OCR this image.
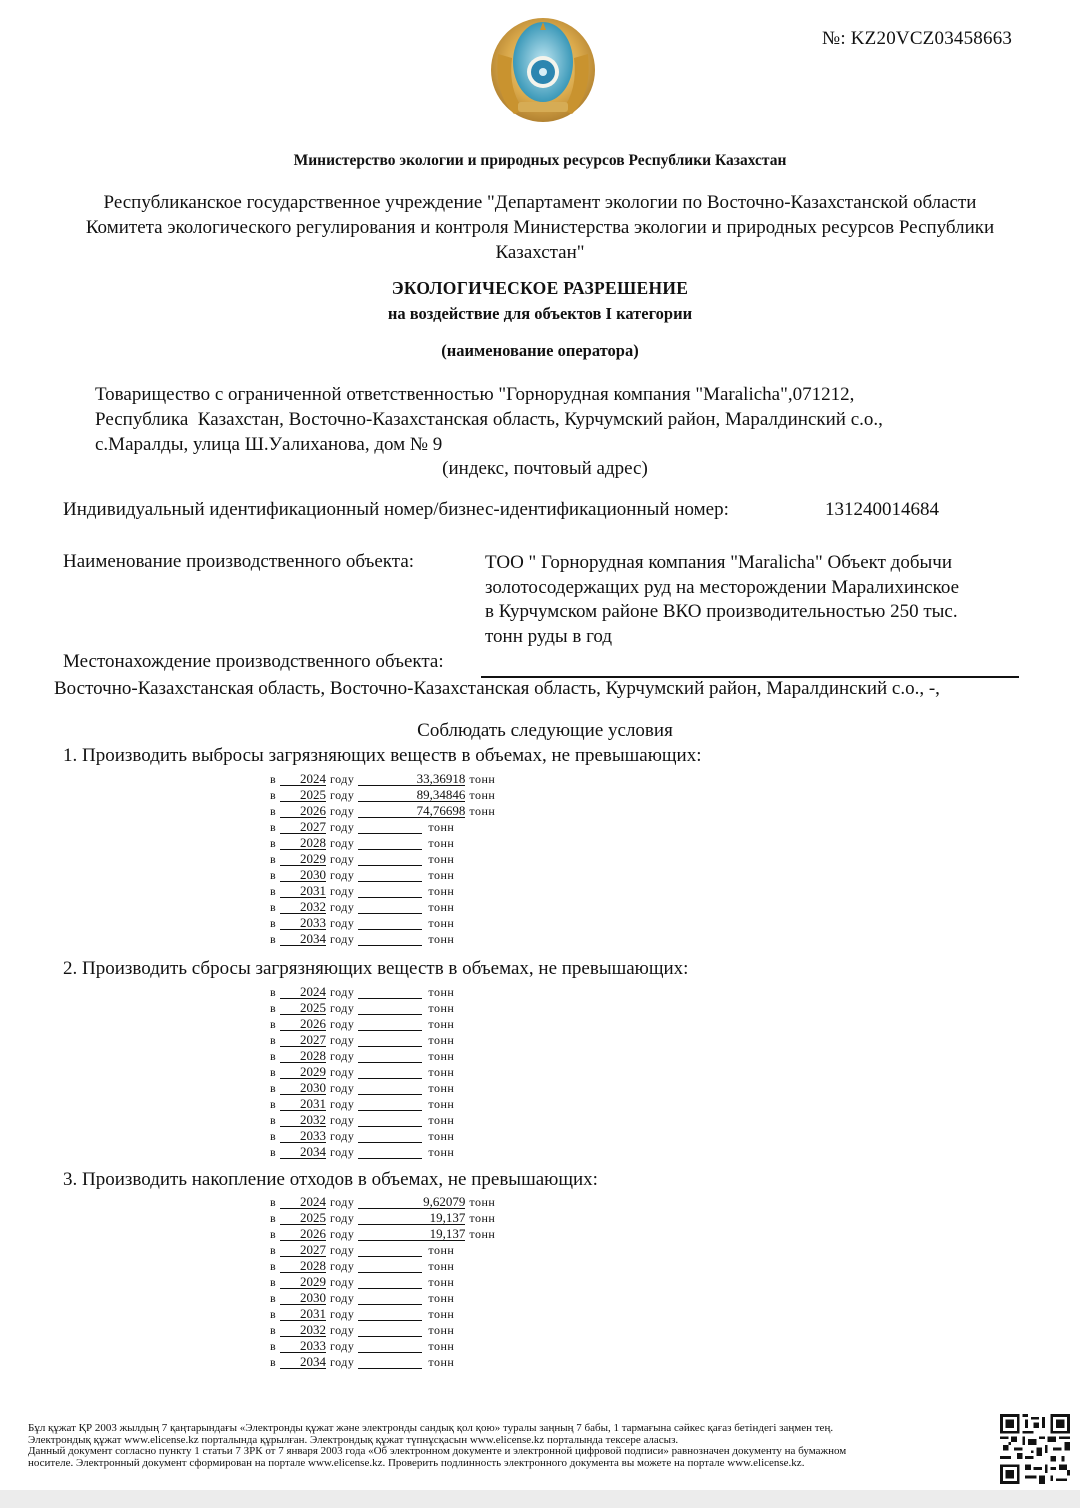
№: KZ20VCZ03458663
Министерство экологии и природных ресурсов Республики Казахстан
Республиканское государственное учреждение "Департамент экологии по Восточно-Казахстанской области Комитета экологического регулирования и контроля Министерства экологии и природных ресурсов Республики Казахстан"
ЭКОЛОГИЧЕСКОЕ РАЗРЕШЕНИЕ
на воздействие для объектов I категории
(наименование оператора)
Товарищество с ограниченной ответственностью "Горнорудная компания "Maralicha",071212,
Республика  Казахстан, Восточно-Казахстанская область, Курчумский район, Маралдинский с.о.,
с.Маралды, улица Ш.Уалиханова, дом № 9
(индекс, почтовый адрес)
Индивидуальный идентификационный номер/бизнес-идентификационный номер:	131240014684
Наименование производственного объекта:	ТОО " Горнорудная компания "Maralicha" Объект добычи
золотосодержащих руд на месторождении Маралихинское
в Курчумском районе ВКО производительностью 250 тыс.
тонн руды в год
Местонахождение производственного объекта:
Восточно-Казахстанская область, Восточно-Казахстанская область, Курчумский район, Маралдинский с.о., -,
Соблюдать следующие условия
1. Производить выбросы загрязняющих веществ в объемах, не превышающих:
в 2024 году	33,36918 тонн
в 2025 году	89,34846 тонн
в 2026 году	74,76698 тонн
в 2027 году	тонн
в 2028 году	тонн
в 2029 году	тонн
в 2030 году	тонн
в 2031 году	тонн
в 2032 году	тонн
в 2033 году	тонн
в 2034 году	тонн
2. Производить сбросы загрязняющих веществ в объемах, не превышающих:
в 2024 году	тонн
в 2025 году	тонн
в 2026 году	тонн
в 2027 году	тонн
в 2028 году	тонн
в 2029 году	тонн
в 2030 году	тонн
в 2031 году	тонн
в 2032 году	тонн
в 2033 году	тонн
в 2034 году	тонн
3. Производить накопление отходов в объемах, не превышающих:
в 2024 году	9,62079 тонн
в 2025 году	19,137 тонн
в 2026 году	19,137 тонн
в 2027 году	тонн
в 2028 году	тонн
в 2029 году	тонн
в 2030 году	тонн
в 2031 году	тонн
в 2032 году	тонн
в 2033 году	тонн
в 2034 году	тонн
Бұл құжат ҚР 2003 жылдың 7 қаңтарындағы «Электронды құжат және электронды сандық қол қою» туралы заңның 7 бабы, 1 тармағына сәйкес қағаз бетіндегі заңмен тең.
Электрондық құжат www.elicense.kz порталында құрылған. Электрондық құжат түпнұсқасын www.elicense.kz порталында тексере аласыз.
Данный документ согласно пункту 1 статьи 7 ЗРК от 7 января 2003 года «Об электронном документе и электронной цифровой подписи» равнозначен документу на бумажном
носителе. Электронный документ сформирован на портале www.elicense.kz. Проверить подлинность электронного документа вы можете на портале www.elicense.kz.
